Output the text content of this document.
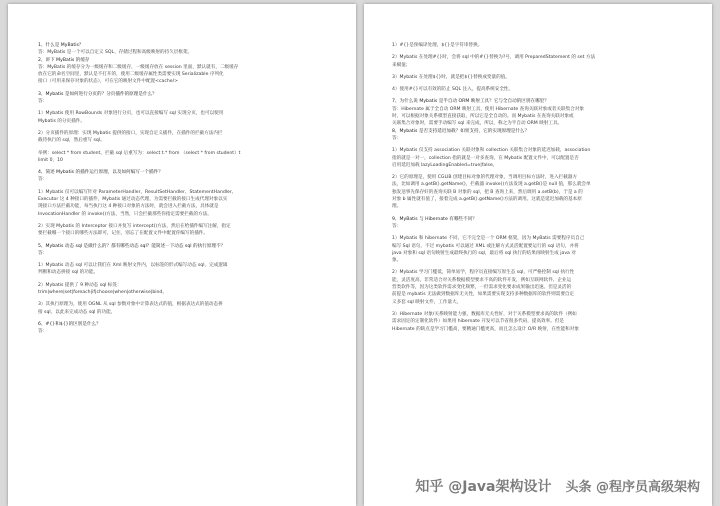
1、什么是 MyBatis？
答：MyBatis 是一个可以自定义 SQL、存储过程和高级映射的持久层框架。
2、讲下 MyBatis 的缓存
答：MyBatis 的缓存分为一级缓存和二级缓存，一级缓存放在 session 里面，默认就有，二级缓存
放在它的命名空间里，默认是不打开的，使用二级缓存属性类需要实现 Serializable 序列化
接口（可用来保存对象的状态），可在它的映射文件中配置<cache/>
3、Mybatis 是如何进行分页的？分页插件的原理是什么？
答：
1）Mybatis 使用 RowBounds 对象进行分页，也可以直接编写 sql 实现分页，也可以使用
Mybatis 的分页插件。
2）分页插件的原理：实现 Mybatis 提供的接口，实现自定义插件，在插件的拦截方法内拦
截待执行的 sql，然后重写 sql。
举例：select * from student，拦截 sql 后重写为：select t.* from （select * from student）t
limit 0，10
4、简述 Mybatis 的插件运行原理，以及如何编写一个插件？
答：
1）Mybatis 仅可以编写针对 ParameterHandler、ResultSetHandler、StatementHandler、
Executor 这 4 种接口的插件，Mybatis 通过动态代理，为需要拦截的接口生成代理对象以实
现接口方法拦截功能，每当执行这 4 种接口对象的方法时，就会进入拦截方法，具体就是
InvocationHandler 的 invoke()方法，当然，只会拦截那些你指定需要拦截的方法。
2）实现 Mybatis 的 Interceptor 接口并复写 intercept()方法，然后在给插件编写注解，指定
要拦截哪一个接口的哪些方法即可，记住，别忘了在配置文件中配置你编写的插件。
5、Mybatis 动态 sql 是做什么的？都有哪些动态 sql？能简述一下动态 sql 的执行原理不？
答：
1）Mybatis 动态 sql 可以让我们在 Xml 映射文件内，以标签的形式编写动态 sql，完成逻辑
判断和动态拼接 sql 的功能。
2）Mybatis 提供了 9 种动态 sql 标签：
trim|where|set|foreach|if|choose|when|otherwise|bind。
3）其执行原理为，使用 OGNL 从 sql 参数对象中计算表达式的值，根据表达式的值动态拼
接 sql，以此来完成动态 sql 的功能。
6、#{}和${}的区别是什么？
答：
1）#{}是预编译处理，${}是字符串替换。
2）Mybatis 在处理#{}时，会将 sql 中的#{}替换为?号，调用 PreparedStatement 的 set 方法
来赋值；
3）Mybatis 在处理${}时，就是把${}替换成变量的值。
4）使用#{}可以有效的防止 SQL 注入，提高系统安全性。
7、为什么说 Mybatis 是半自动 ORM 映射工具？它与全自动的区别在哪里？
答：Hibernate 属于全自动 ORM 映射工具，使用 Hibernate 查询关联对象或者关联集合对象
时，可以根据对象关系模型直接获取，所以它是全自动的。而 Mybatis 在查询关联对象或
关联集合对象时，需要手动编写 sql 来完成，所以，称之为半自动 ORM 映射工具。
8、Mybatis 是否支持延迟加载？如果支持，它的实现原理是什么？
答：
1）Mybatis 仅支持 association 关联对象和 collection 关联集合对象的延迟加载，association
指的就是一对一，collection 指的就是一对多查询。在 Mybatis 配置文件中，可以配置是否
启用延迟加载 lazyLoadingEnabled=true|false。
2）它的原理是，使用 CGLIB 创建目标对象的代理对象，当调用目标方法时，进入拦截器方
法，比如调用 a.getB().getName()，拦截器 invoke()方法发现 a.getB()是 null 值，那么就会单
独发送事先保存好的查询关联 B 对象的 sql，把 B 查询上来，然后调用 a.setB(b)，于是 a 的
对象 b 属性就有值了，接着完成 a.getB().getName()方法的调用。这就是延迟加载的基本原
理。
9、MyBatis 与 Hibernate 有哪些不同？
答：
1）Mybatis 和 hibernate 不同，它不完全是一个 ORM 框架，因为 MyBatis 需要程序员自己
编写 Sql 语句，不过 mybatis 可以通过 XML 或注解方式灵活配置要运行的 sql 语句，并将
java 对象和 sql 语句映射生成最终执行的 sql，最后将 sql 执行的结果再映射生成 java 对
象。
2）Mybatis 学习门槛低，简单易学，程序员直接编写原生态 sql，可严格控制 sql 执行性
能，灵活度高，非常适合对关系数据模型要求不高的软件开发，例如互联网软件、企业运
营类软件等，因为这类软件需求变化频繁，一但需求变化要求成果输出迅速。但是灵活的
前提是 mybatis 无法做到数据库无关性，如果需要实现支持多种数据库的软件则需要自定
义多套 sql 映射文件，工作量大。
3）Hibernate 对象/关系映射能力强，数据库无关性好，对于关系模型要求高的软件（例如
需求固定的定制化软件）如果用 hibernate 开发可以节省很多代码，提高效率。但是
Hibernate 的缺点是学习门槛高，要精通门槛更高，而且怎么设计 O/R 映射，在性能和对象
知乎 @Java架构设计 头条 @程序员高级架构
